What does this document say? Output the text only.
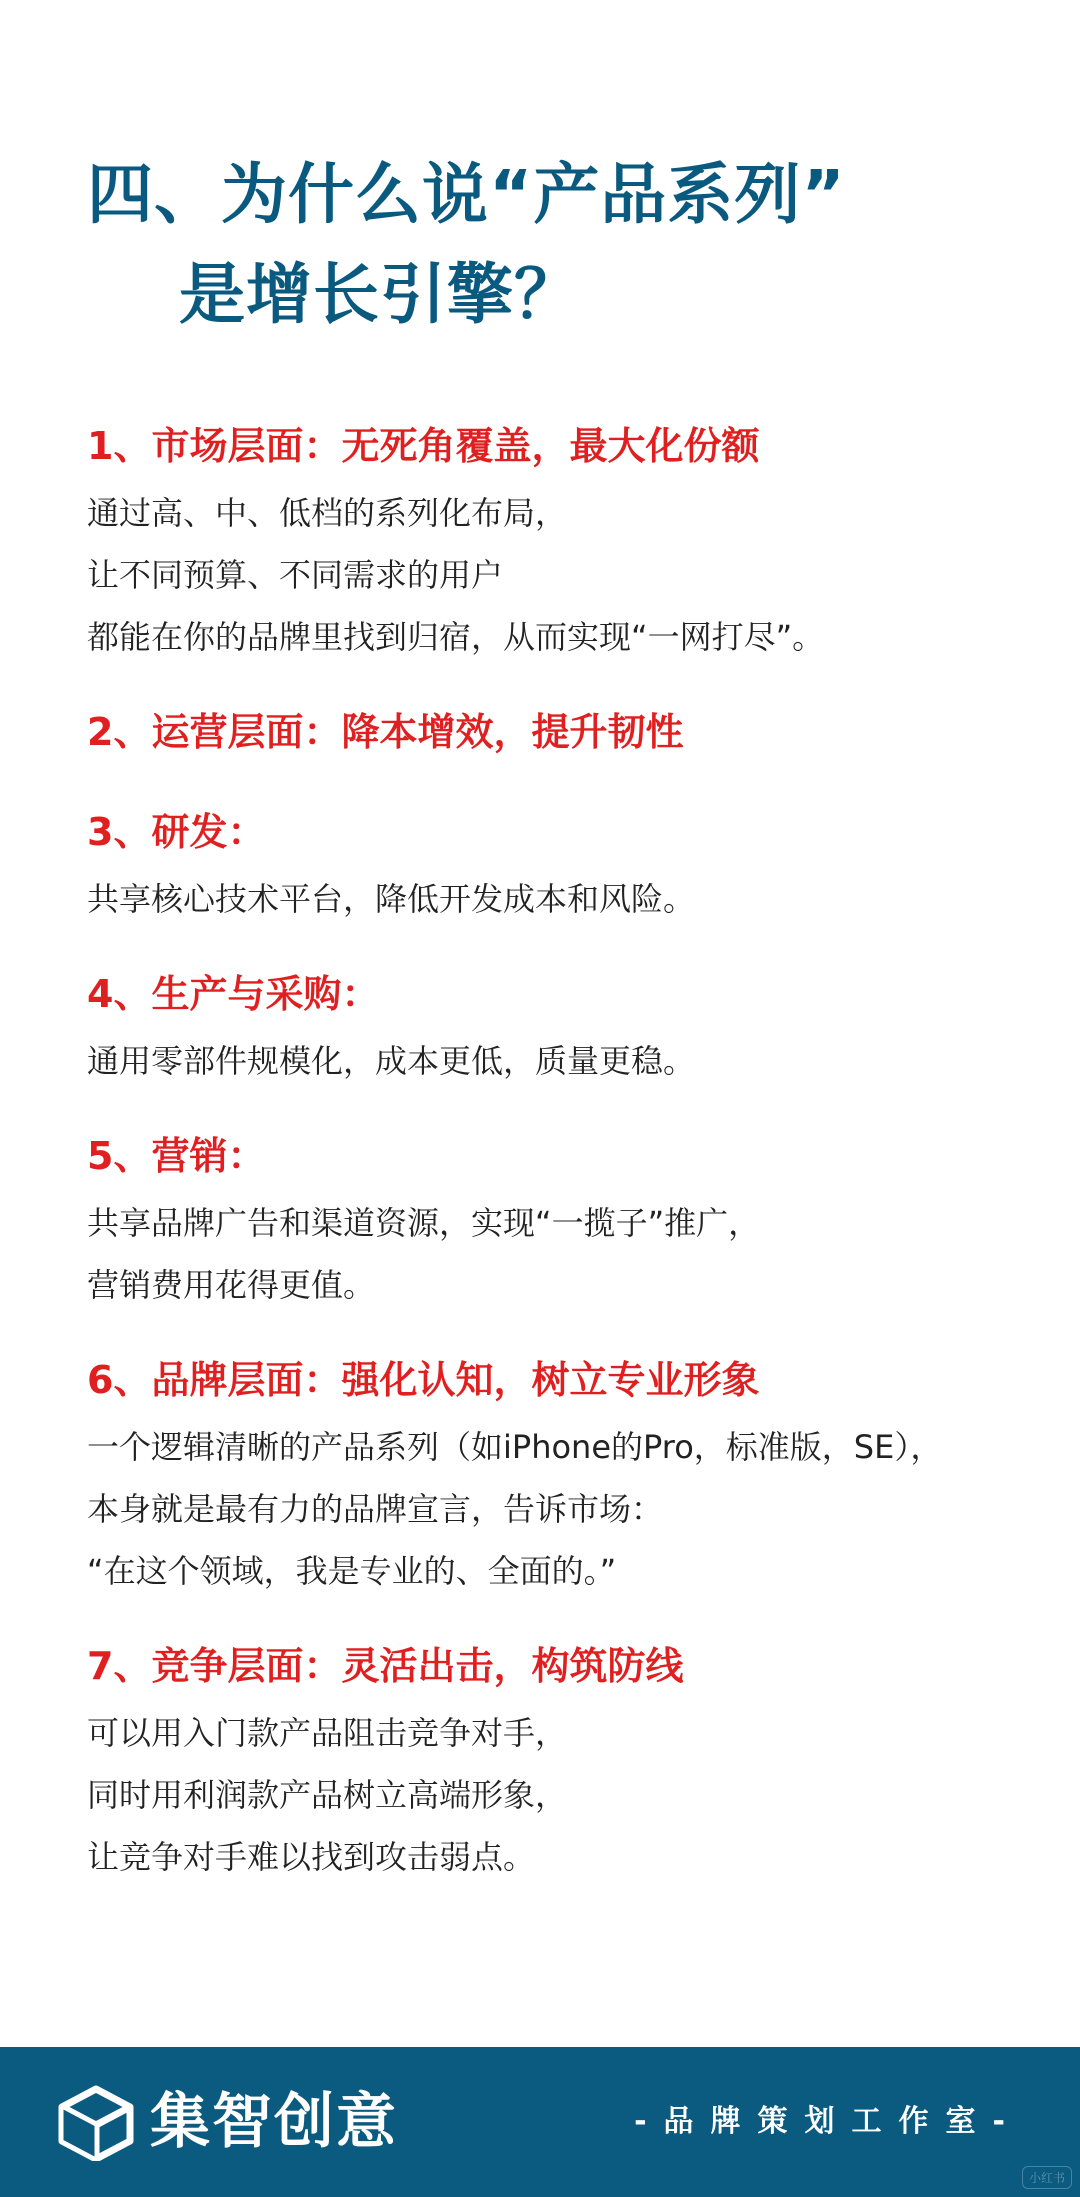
四、为什么说“产品系列”
是增长引擎？
1、市场层面：无死角覆盖，最大化份额
通过高、中、低档的系列化布局，
让不同预算、不同需求的用户
都能在你的品牌里找到归宿，从而实现“一网打尽”。
2、运营层面：降本增效，提升韧性
3、研发：
共享核心技术平台，降低开发成本和风险。
4、生产与采购：
通用零部件规模化，成本更低，质量更稳。
5、营销：
共享品牌广告和渠道资源，实现“一揽子”推广，
营销费用花得更值。
6、品牌层面：强化认知，树立专业形象
一个逻辑清晰的产品系列（如iPhone的Pro，标准版，SE），
本身就是最有力的品牌宣言，告诉市场：
“在这个领域，我是专业的、全面的。”
7、竞争层面：灵活出击，构筑防线
可以用入门款产品阻击竞争对手，
同时用利润款产品树立高端形象，
让竞争对手难以找到攻击弱点。
集智创意	-品牌策划工作室-
小红书
